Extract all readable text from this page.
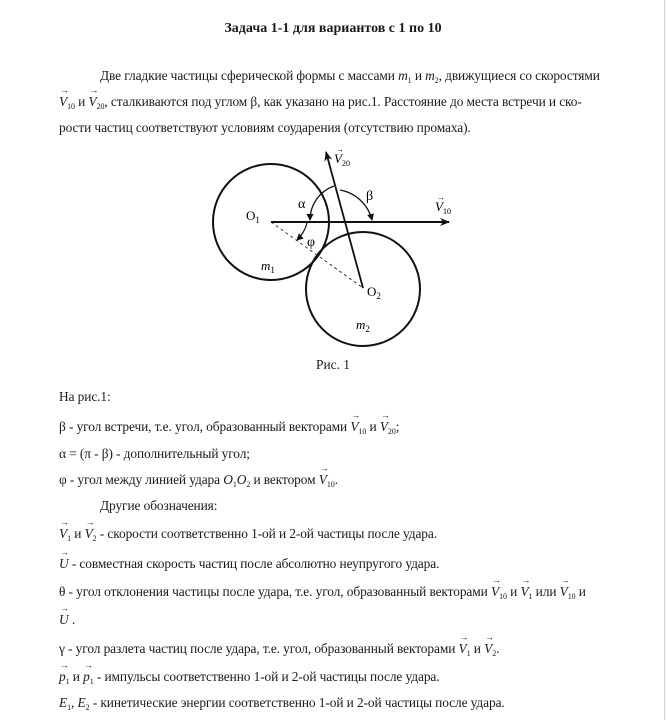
Задача 1-1 для вариантов с 1 по 10
Две гладкие частицы сферической формы с массами $m_1$ и $m_2$, движущиеся со скоростями
→ $V_{10}$ $и \to V_{20}$, сталкиваются под углом β, как указано на рис.1. Расстояние до места встречи и ско-
рости частиц соответствуют условиям соударения (отсутствию промаха).
$O_1$
$O_2$
$m_1$
$m_2$
α
β
φ
$V_{10}$
→
$V_{20}$
→
Рис. 1
На рис.1:
β - угол встречи, т.е. угол, образованный векторами → $V_{10}$ $и \to V_{20}$;
α = (π - β) - дополнительный угол;
φ - угол между линией удара $O_1O_2$ и вектором → $V_{10}$.
Другие обозначения:
→ $V_1$ $и \to V_2$ - скорости соответственно 1-ой и 2-ой частицы после удара.
→ U - совместная скорость частиц после абсолютно неупругого удара.
θ - угол отклонения частицы после удара, т.е. угол, образованный векторами → $V_{10}$ $и \to V_1$ или → $V_{10}$ и
→ U .
γ - угол разлета частиц после удара, т.е. угол, образованный векторами → $V_1$ $и \to V_2$.
→ $p_1$ $и \to p_1$ - импульсы соответственно 1-ой и 2-ой частицы после удара.
$E_1$, $E_2$ - кинетические энергии соответственно 1-ой и 2-ой частицы после удара.
